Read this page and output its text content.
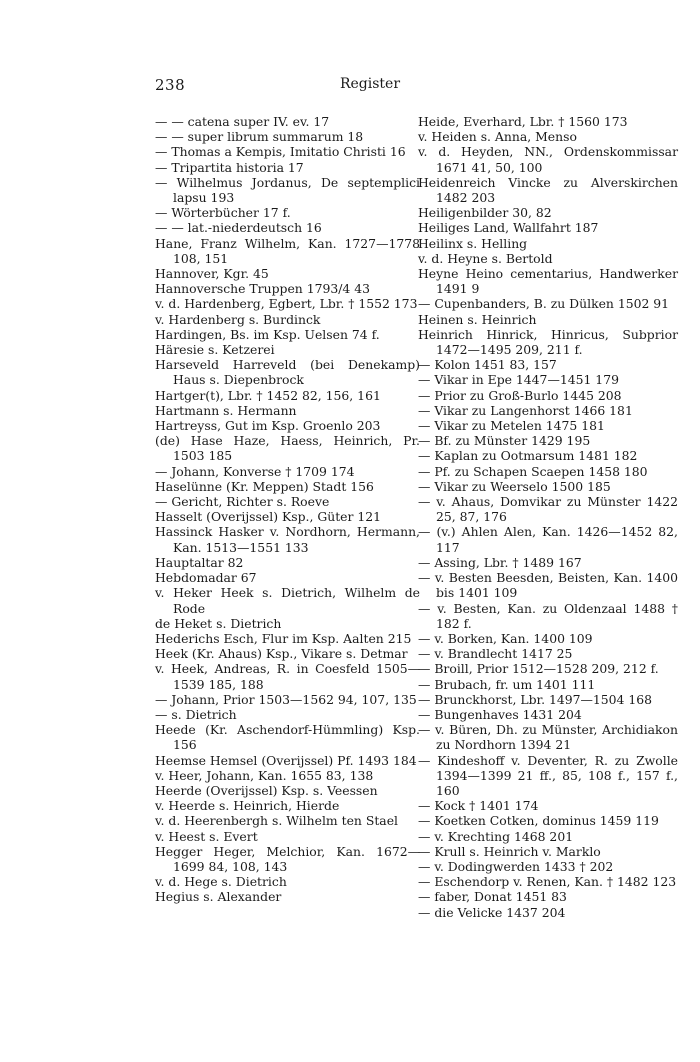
238	Register

— — catena super IV. ev. 17

— — super librum summarum 18

— Thomas a Kempis, Imitatio Christi 16

— Tripartita historia 17

— Wilhelmus Jordanus, De septemplici lapsu 193

— Wörterbücher 17 f.

— — lat.-niederdeutsch 16

Hane, Franz Wilhelm, Kan. 1727—1778 108, 151

Hannover, Kgr. 45

Hannoversche Truppen 1793/4 43

v. d. Hardenberg, Egbert, Lbr. † 1552 173

v. Hardenberg s. Burdinck

Hardingen, Bs. im Ksp. Uelsen 74 f.

Häresie s. Ketzerei

Harseveld Harreveld (bei Denekamp) Haus s. Diepenbrock

Hartger(t), Lbr. † 1452 82, 156, 161

Hartmann s. Hermann

Hartreyss, Gut im Ksp. Groenlo 203

(de) Hase Haze, Haess, Heinrich, Pr. 1503 185

— Johann, Konverse † 1709 174

Haselünne (Kr. Meppen) Stadt 156

— Gericht, Richter s. Roeve

Hasselt (Overijssel) Ksp., Güter 121

Hassinck Hasker v. Nordhorn, Hermann, Kan. 1513—1551 133

Hauptaltar 82

Hebdomadar 67

v. Heker Heek s. Dietrich, Wilhelm de Rode

de Heket s. Dietrich

Hederichs Esch, Flur im Ksp. Aalten 215

Heek (Kr. Ahaus) Ksp., Vikare s. Detmar

v. Heek, Andreas, R. in Coesfeld 1505—1539 185, 188

— Johann, Prior 1503—1562 94, 107, 135

— s. Dietrich

Heede (Kr. Aschendorf-Hümmling) Ksp. 156

Heemse Hemsel (Overijssel) Pf. 1493 184

v. Heer, Johann, Kan. 1655 83, 138

Heerde (Overijssel) Ksp. s. Veessen

v. Heerde s. Heinrich, Hierde

v. d. Heerenbergh s. Wilhelm ten Stael

v. Heest s. Evert

Hegger Heger, Melchior, Kan. 1672—1699 84, 108, 143

v. d. Hege s. Dietrich

Hegius s. Alexander

Heide, Everhard, Lbr. † 1560 173

v. Heiden s. Anna, Menso

v. d. Heyden, NN., Ordenskommissar 1671 41, 50, 100

Heidenreich Vincke zu Alverskirchen 1482 203

Heiligenbilder 30, 82

Heiliges Land, Wallfahrt 187

Heilinx s. Helling

v. d. Heyne s. Bertold

Heyne Heino cementarius, Handwerker 1491 9

— Cupenbanders, B. zu Dülken 1502 91

Heinen s. Heinrich

Heinrich Hinrick, Hinricus, Subprior 1472—1495 209, 211 f.

— Kolon 1451 83, 157

— Vikar in Epe 1447—1451 179

— Prior zu Groß-Burlo 1445 208

— Vikar zu Langenhorst 1466 181

— Vikar zu Metelen 1475 181

— Bf. zu Münster 1429 195

— Kaplan zu Ootmarsum 1481 182

— Pf. zu Schapen Scaepen 1458 180

— Vikar zu Weerselo 1500 185

— v. Ahaus, Domvikar zu Münster 1422 25, 87, 176

— (v.) Ahlen Alen, Kan. 1426—1452 82, 117

— Assing, Lbr. † 1489 167

— v. Besten Beesden, Beisten, Kan. 1400 bis 1401 109

— v. Besten, Kan. zu Oldenzaal 1488 † 182 f.

— v. Borken, Kan. 1400 109

— v. Brandlecht 1417 25

— Broill, Prior 1512—1528 209, 212 f.

— Brubach, fr. um 1401 111

— Brunckhorst, Lbr. 1497—1504 168

— Bungenhaves 1431 204

— v. Büren, Dh. zu Münster, Archidiakon zu Nordhorn 1394 21

— Kindeshoff v. Deventer, R. zu Zwolle 1394—1399 21 ff., 85, 108 f., 157 f., 160

— Kock † 1401 174

— Koetken Cotken, dominus 1459 119

— v. Krechting 1468 201

— Krull s. Heinrich v. Marklo

— v. Dodingwerden 1433 † 202

— Eschendorp v. Renen, Kan. † 1482 123

— faber, Donat 1451 83

— die Velicke 1437 204
